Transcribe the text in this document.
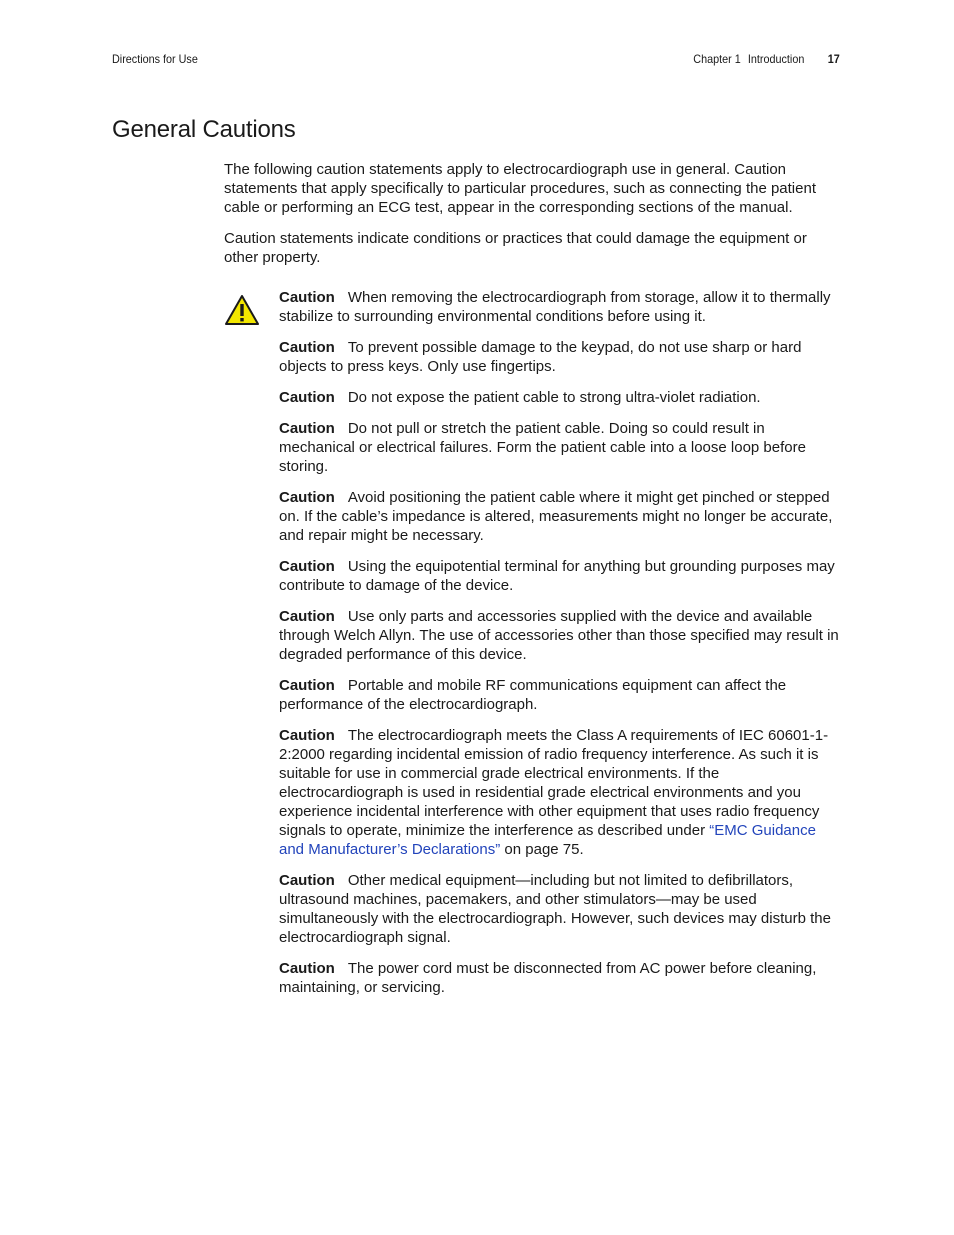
Directions for Use	Chapter 1 Introduction 17
General Cautions

The following caution statements apply to electrocardiograph use in general. Caution statements that apply specifically to particular procedures, such as connecting the patient cable or performing an ECG test, appear in the corresponding sections of the manual.

Caution statements indicate conditions or practices that could damage the equipment or other property.

Caution When removing the electrocardiograph from storage, allow it to thermally stabilize to surrounding environmental conditions before using it.

Caution To prevent possible damage to the keypad, do not use sharp or hard objects to press keys. Only use fingertips.

Caution Do not expose the patient cable to strong ultra-violet radiation.

Caution Do not pull or stretch the patient cable. Doing so could result in mechanical or electrical failures. Form the patient cable into a loose loop before storing.

Caution Avoid positioning the patient cable where it might get pinched or stepped on. If the cable’s impedance is altered, measurements might no longer be accurate, and repair might be necessary.

Caution Using the equipotential terminal for anything but grounding purposes may contribute to damage of the device.

Caution Use only parts and accessories supplied with the device and available through Welch Allyn. The use of accessories other than those specified may result in degraded performance of this device.

Caution Portable and mobile RF communications equipment can affect the performance of the electrocardiograph.

Caution The electrocardiograph meets the Class A requirements of IEC 60601-1-2:2000 regarding incidental emission of radio frequency interference. As such it is suitable for use in commercial grade electrical environments. If the electrocardiograph is used in residential grade electrical environments and you experience incidental interference with other equipment that uses radio frequency signals to operate, minimize the interference as described under “EMC Guidance and Manufacturer’s Declarations” on page 75.

Caution Other medical equipment—including but not limited to defibrillators, ultrasound machines, pacemakers, and other stimulators—may be used simultaneously with the electrocardiograph. However, such devices may disturb the electrocardiograph signal.

Caution The power cord must be disconnected from AC power before cleaning, maintaining, or servicing.
